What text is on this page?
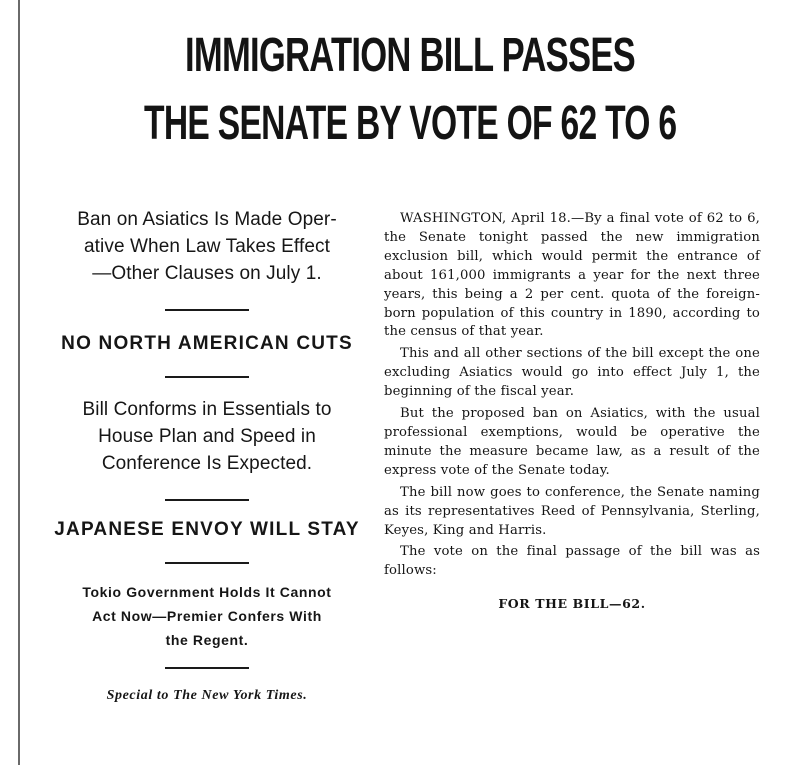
IMMIGRATION BILL PASSES
THE SENATE BY VOTE OF 62 TO 6
Ban on Asiatics Is Made Oper-
ative When Law Takes Effect
—Other Clauses on July 1.
NO NORTH AMERICAN CUTS
Bill Conforms in Essentials to
House Plan and Speed in
Conference Is Expected.
JAPANESE ENVOY WILL STAY
Tokio Government Holds It Cannot
Act Now—Premier Confers With
the Regent.
Special to The New York Times.

WASHINGTON, April 18.—By a final vote of 62 to 6, the Senate tonight passed the new immigration exclusion bill, which would permit the entrance of about 161,000 immigrants a year for the next three years, this being a 2 per cent. quota of the foreign-born population of this country in 1890, according to the census of that year.

This and all other sections of the bill except the one excluding Asiatics would go into effect July 1, the beginning of the fiscal year.

But the proposed ban on Asiatics, with the usual professional exemptions, would be operative the minute the measure became law, as a result of the express vote of the Senate today.

The bill now goes to conference, the Senate naming as its representatives Reed of Pennsylvania, Sterling, Keyes, King and Harris.

The vote on the final passage of the bill was as follows:

FOR THE BILL—62.
